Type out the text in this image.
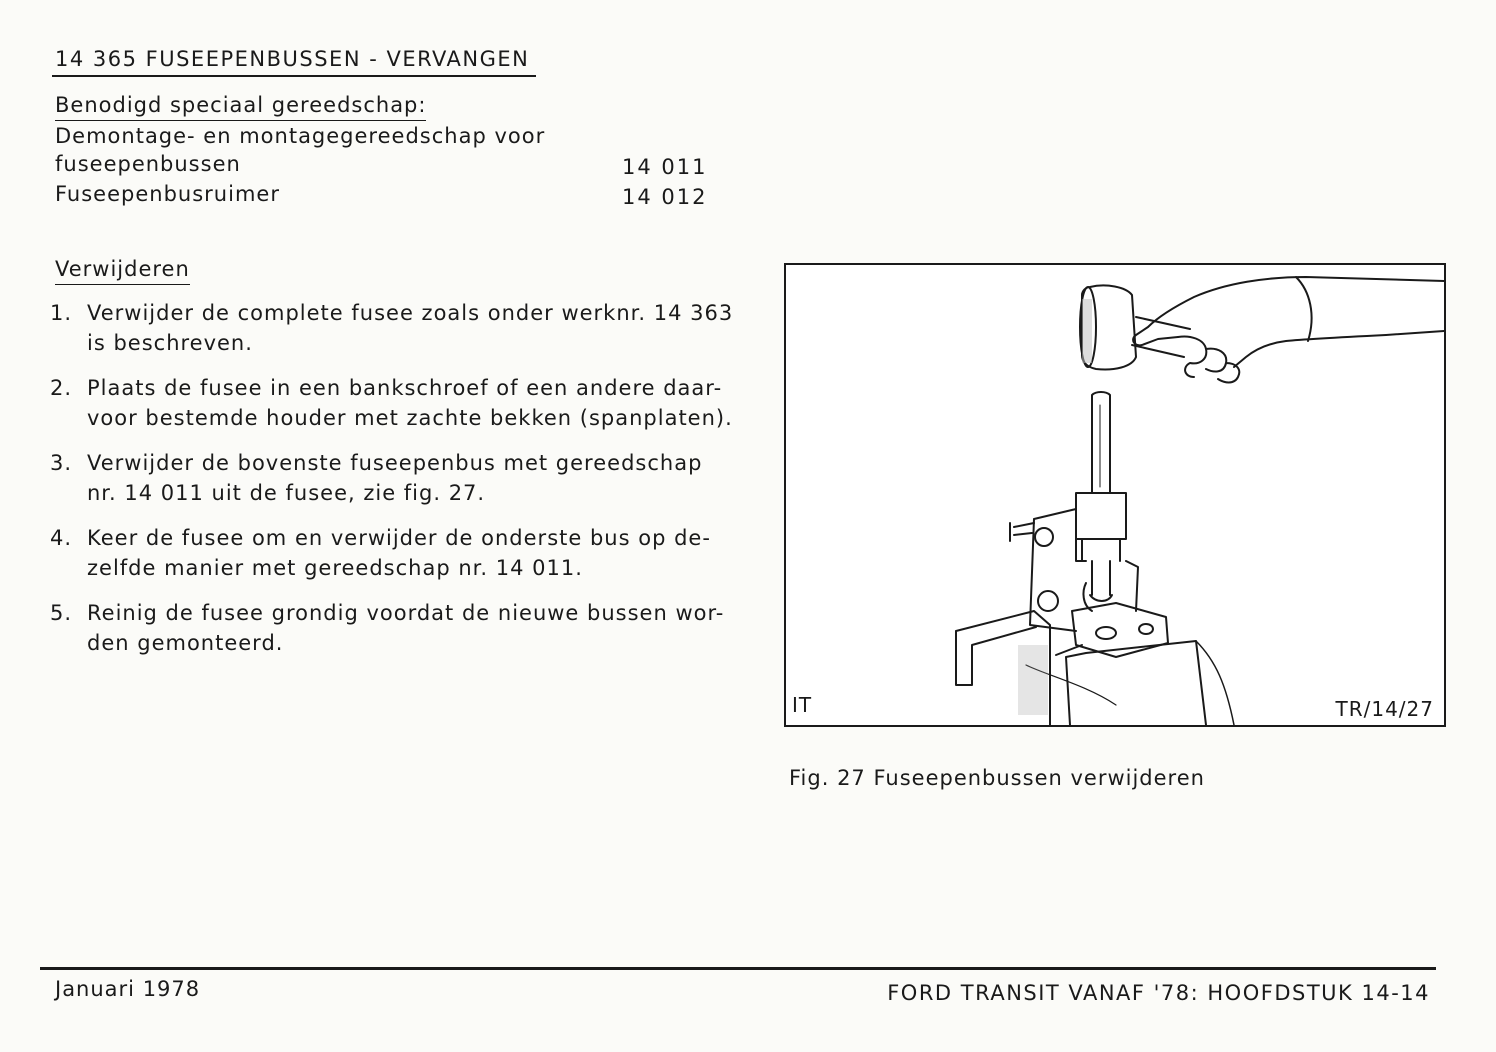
14 365 FUSEEPENBUSSEN - VERVANGEN
Benodigd speciaal gereedschap:
Demontage- en montagegereedschap voor
fuseepenbussen	14 011
Fuseepenbusruimer	14 012
Verwijderen
1. Verwijder de complete fusee zoals onder werknr. 14 363
is beschreven.
2. Plaats de fusee in een bankschroef of een andere daar-
voor bestemde houder met zachte bekken (spanplaten).
3. Verwijder de bovenste fuseepenbus met gereedschap
nr. 14 011 uit de fusee, zie fig. 27.
4. Keer de fusee om en verwijder de onderste bus op de-
zelfde manier met gereedschap nr. 14 011.
5. Reinig de fusee grondig voordat de nieuwe bussen wor-
den gemonteerd.
IT	TR/14/27
Fig. 27 Fuseepenbussen verwijderen
Januari 1978	FORD TRANSIT VANAF '78: HOOFDSTUK 14-14
